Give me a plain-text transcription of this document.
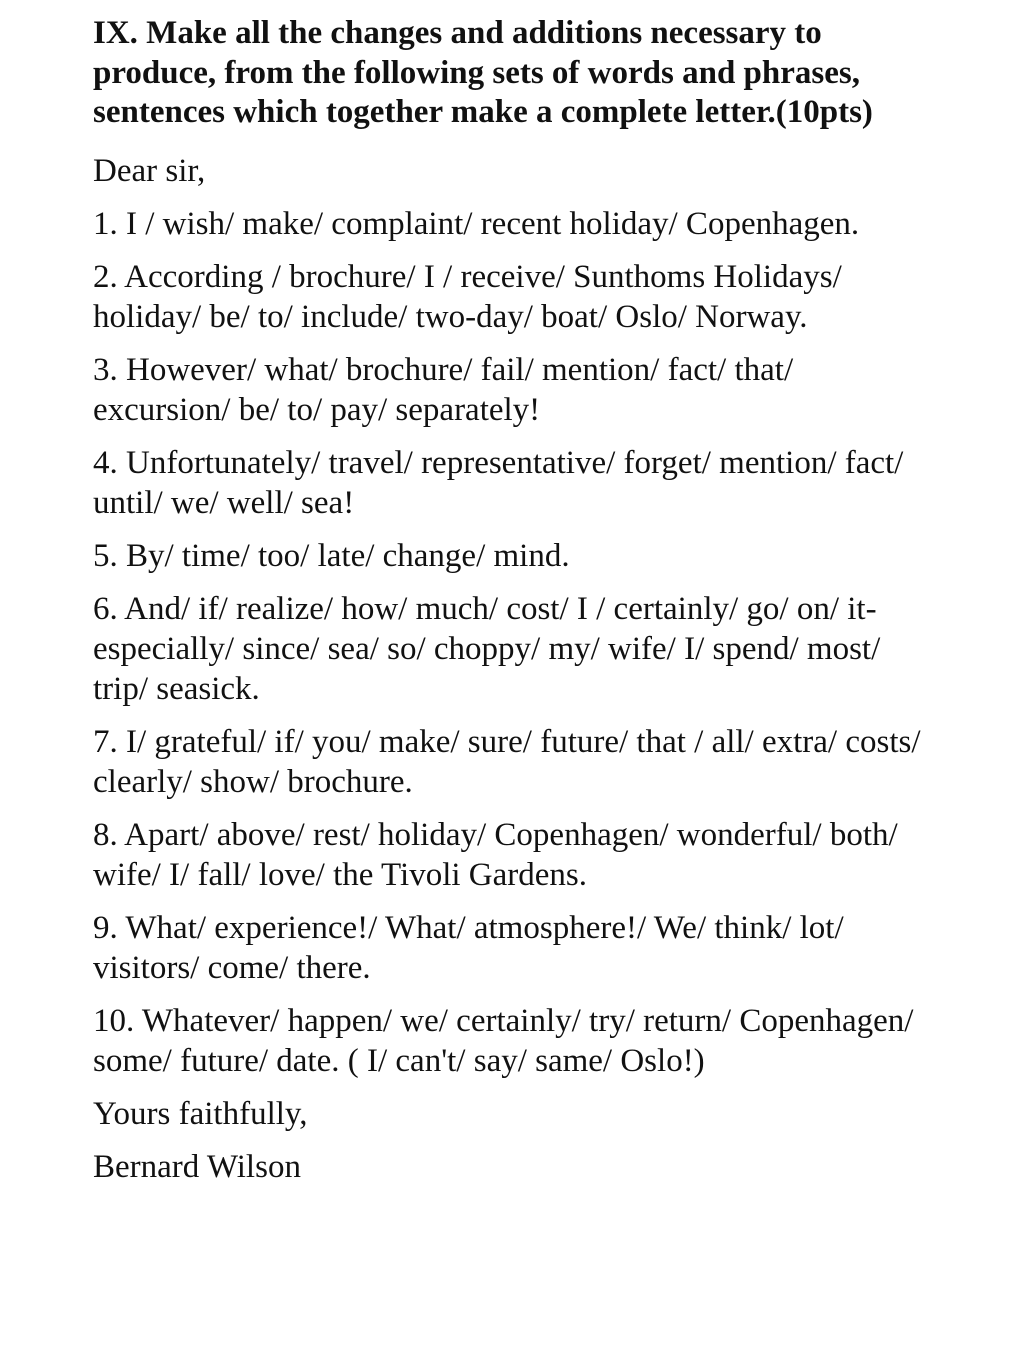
IX. Make all the changes and additions necessary to
produce, from the following sets of words and phrases,
sentences which together make a complete letter.(10pts)
Dear sir,
1. I / wish/ make/ complaint/ recent holiday/ Copenhagen.
2. According / brochure/ I / receive/ Sunthoms Holidays/
holiday/ be/ to/ include/ two-day/ boat/ Oslo/ Norway.
3. However/ what/ brochure/ fail/ mention/ fact/ that/
excursion/ be/ to/ pay/ separately!
4. Unfortunately/ travel/ representative/ forget/ mention/ fact/
until/ we/ well/ sea!
5. By/ time/ too/ late/ change/ mind.
6. And/ if/ realize/ how/ much/ cost/ I / certainly/ go/ on/ it-
especially/ since/ sea/ so/ choppy/ my/ wife/ I/ spend/ most/
trip/ seasick.
7. I/ grateful/ if/ you/ make/ sure/ future/ that / all/ extra/ costs/
clearly/ show/ brochure.
8. Apart/ above/ rest/ holiday/ Copenhagen/ wonderful/ both/
wife/ I/ fall/ love/ the Tivoli Gardens.
9. What/ experience!/ What/ atmosphere!/ We/ think/ lot/
visitors/ come/ there.
10. Whatever/ happen/ we/ certainly/ try/ return/ Copenhagen/
some/ future/ date. ( I/ can't/ say/ same/ Oslo!)
Yours faithfully,
Bernard Wilson
